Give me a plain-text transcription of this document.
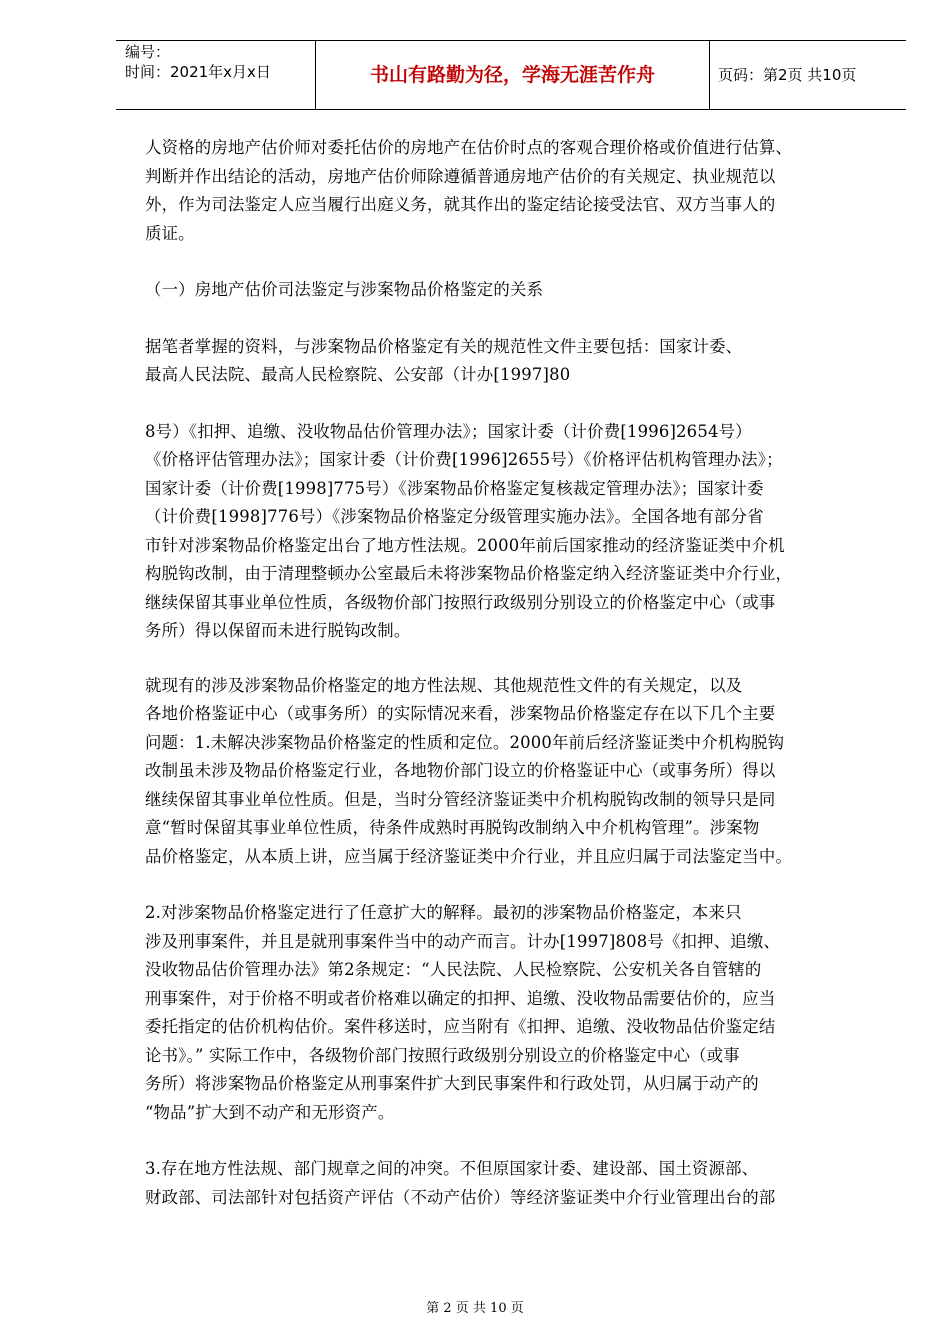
编号：
时间：2021年x月x日	书山有路勤为径，学海无涯苦作舟	页码：第2页 共10页

人资格的房地产估价师对委托估价的房地产在估价时点的客观合理价格或价值进行估算、

判断并作出结论的活动，房地产估价师除遵循普通房地产估价的有关规定、执业规范以

外，作为司法鉴定人应当履行出庭义务，就其作出的鉴定结论接受法官、双方当事人的

质证。

（一）房地产估价司法鉴定与涉案物品价格鉴定的关系

据笔者掌握的资料，与涉案物品价格鉴定有关的规范性文件主要包括：国家计委、

最高人民法院、最高人民检察院、公安部（计办[1997]80

8号）《扣押、追缴、没收物品估价管理办法》；国家计委（计价费[1996]2654号）

《价格评估管理办法》；国家计委（计价费[1996]2655号）《价格评估机构管理办法》；

国家计委（计价费[1998]775号）《涉案物品价格鉴定复核裁定管理办法》；国家计委

（计价费[1998]776号）《涉案物品价格鉴定分级管理实施办法》。全国各地有部分省

市针对涉案物品价格鉴定出台了地方性法规。2000年前后国家推动的经济鉴证类中介机

构脱钩改制，由于清理整顿办公室最后未将涉案物品价格鉴定纳入经济鉴证类中介行业，

继续保留其事业单位性质，各级物价部门按照行政级别分别设立的价格鉴定中心（或事

务所）得以保留而未进行脱钩改制。

就现有的涉及涉案物品价格鉴定的地方性法规、其他规范性文件的有关规定，以及

各地价格鉴证中心（或事务所）的实际情况来看，涉案物品价格鉴定存在以下几个主要

问题：1.未解决涉案物品价格鉴定的性质和定位。2000年前后经济鉴证类中介机构脱钩

改制虽未涉及物品价格鉴定行业，各地物价部门设立的价格鉴证中心（或事务所）得以

继续保留其事业单位性质。但是，当时分管经济鉴证类中介机构脱钩改制的领导只是同

意“暂时保留其事业单位性质，待条件成熟时再脱钩改制纳入中介机构管理”。涉案物

品价格鉴定，从本质上讲，应当属于经济鉴证类中介行业，并且应归属于司法鉴定当中。

2.对涉案物品价格鉴定进行了任意扩大的解释。最初的涉案物品价格鉴定，本来只

涉及刑事案件，并且是就刑事案件当中的动产而言。计办[1997]808号《扣押、追缴、

没收物品估价管理办法》第2条规定：“人民法院、人民检察院、公安机关各自管辖的

刑事案件，对于价格不明或者价格难以确定的扣押、追缴、没收物品需要估价的，应当

委托指定的估价机构估价。案件移送时，应当附有《扣押、追缴、没收物品估价鉴定结

论书》。” 实际工作中，各级物价部门按照行政级别分别设立的价格鉴定中心（或事

务所）将涉案物品价格鉴定从刑事案件扩大到民事案件和行政处罚，从归属于动产的

“物品”扩大到不动产和无形资产。

3.存在地方性法规、部门规章之间的冲突。不但原国家计委、建设部、国土资源部、

财政部、司法部针对包括资产评估（不动产估价）等经济鉴证类中介行业管理出台的部

第 2 页 共 10 页
